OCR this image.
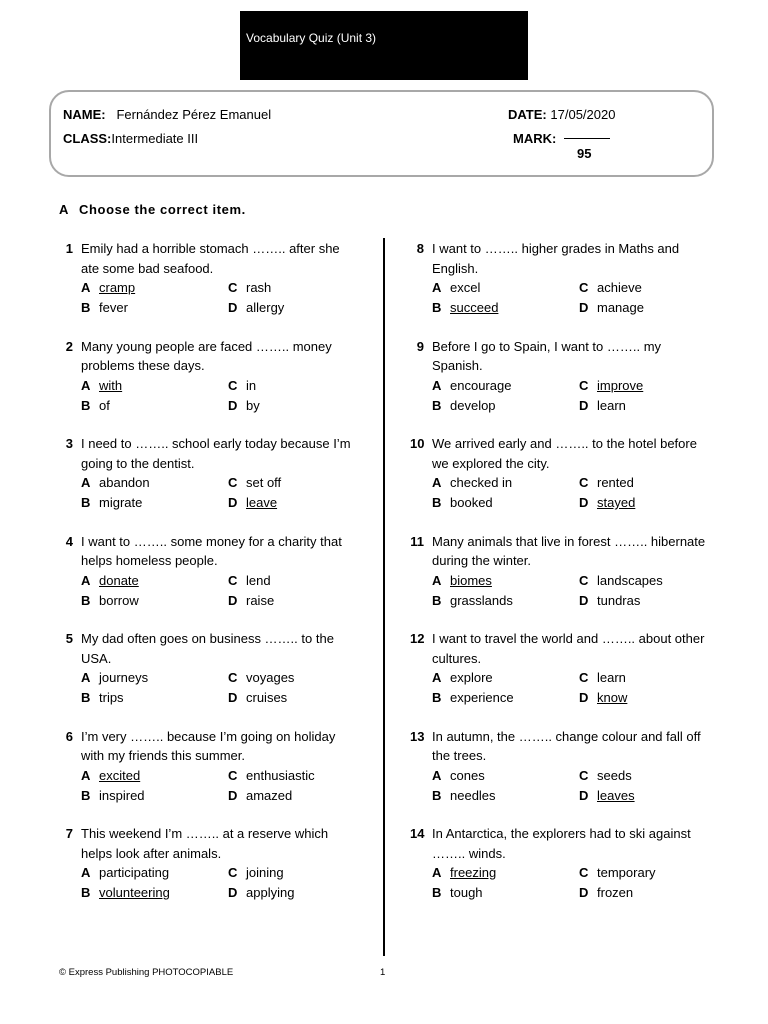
Vocabulary Quiz (Unit 3)
NAME: Fernández Pérez Emanuel
CLASS:Intermediate III
DATE: 17/05/2020
MARK:
95
A Choose the correct item.
1 Emily had a horrible stomach …….. after she ate some bad seafood.
A cramp
B fever
C rash
D allergy
2 Many young people are faced …….. money problems these days.
A with
B of
C in
D by
3 I need to …….. school early today because I’m going to the dentist.
A abandon
B migrate
C set off
D leave
4 I want to …….. some money for a charity that helps homeless people.
A donate
B borrow
C lend
D raise
5 My dad often goes on business …….. to the USA.
A journeys
B trips
C voyages
D cruises
6 I’m very …….. because I’m going on holiday with my friends this summer.
A excited
B inspired
C enthusiastic
D amazed
7 This weekend I’m …….. at a reserve which helps look after animals.
A participating
B volunteering
C joining
D applying
8 I want to …….. higher grades in Maths and English.
A excel
B succeed
C achieve
D manage
9 Before I go to Spain, I want to …….. my Spanish.
A encourage
B develop
C improve
D learn
10 We arrived early and …….. to the hotel before we explored the city.
A checked in
B booked
C rented
D stayed
11 Many animals that live in forest …….. hibernate during the winter.
A biomes
B grasslands
C landscapes
D tundras
12 I want to travel the world and …….. about other cultures.
A explore
B experience
C learn
D know
13 In autumn, the …….. change colour and fall off the trees.
A cones
B needles
C seeds
D leaves
14 In Antarctica, the explorers had to ski against …….. winds.
A freezing
B tough
C temporary
D frozen
© Express Publishing PHOTOCOPIABLE	1
